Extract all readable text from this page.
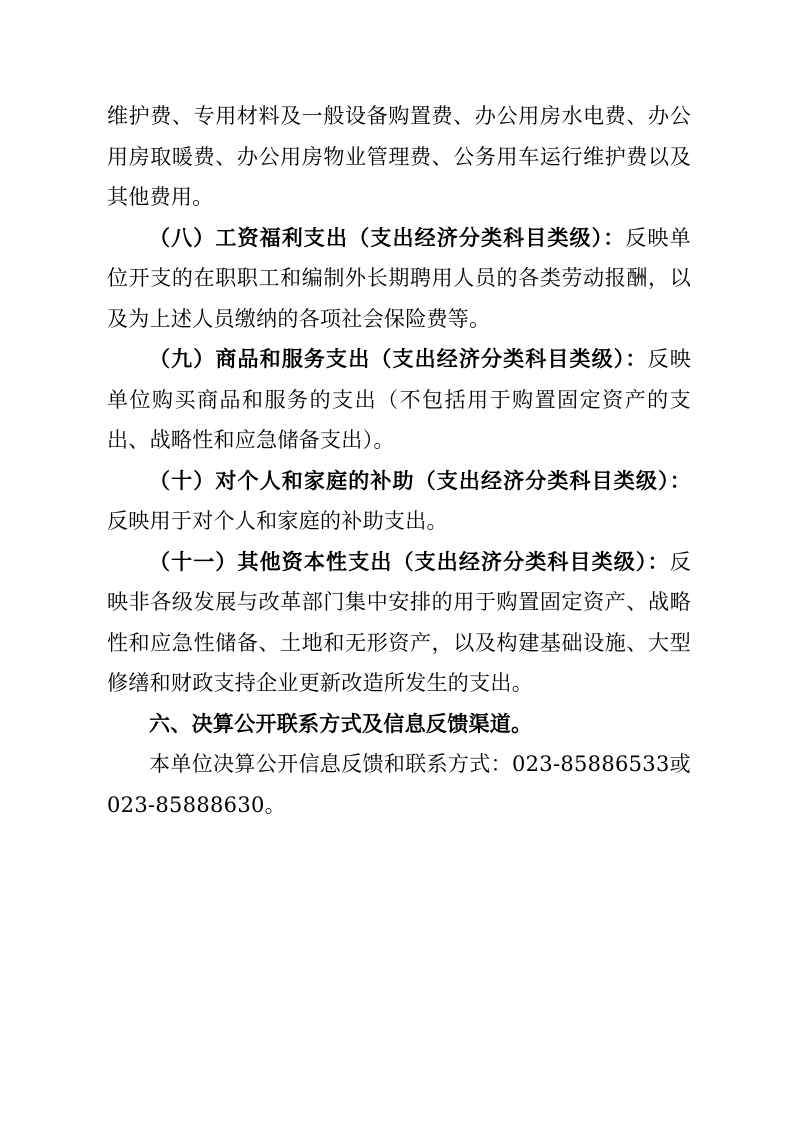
维护费、专用材料及一般设备购置费、办公用房水电费、办公用房取暖费、办公用房物业管理费、公务用车运行维护费以及其他费用。

（八）工资福利支出（支出经济分类科目类级）：反映单位开支的在职职工和编制外长期聘用人员的各类劳动报酬，以及为上述人员缴纳的各项社会保险费等。

（九）商品和服务支出（支出经济分类科目类级）：反映单位购买商品和服务的支出（不包括用于购置固定资产的支出、战略性和应急储备支出）。

（十）对个人和家庭的补助（支出经济分类科目类级）：反映用于对个人和家庭的补助支出。

（十一）其他资本性支出（支出经济分类科目类级）：反映非各级发展与改革部门集中安排的用于购置固定资产、战略性和应急性储备、土地和无形资产，以及构建基础设施、大型修缮和财政支持企业更新改造所发生的支出。

六、决算公开联系方式及信息反馈渠道。

本单位决算公开信息反馈和联系方式：023-85886533或023-85888630。
